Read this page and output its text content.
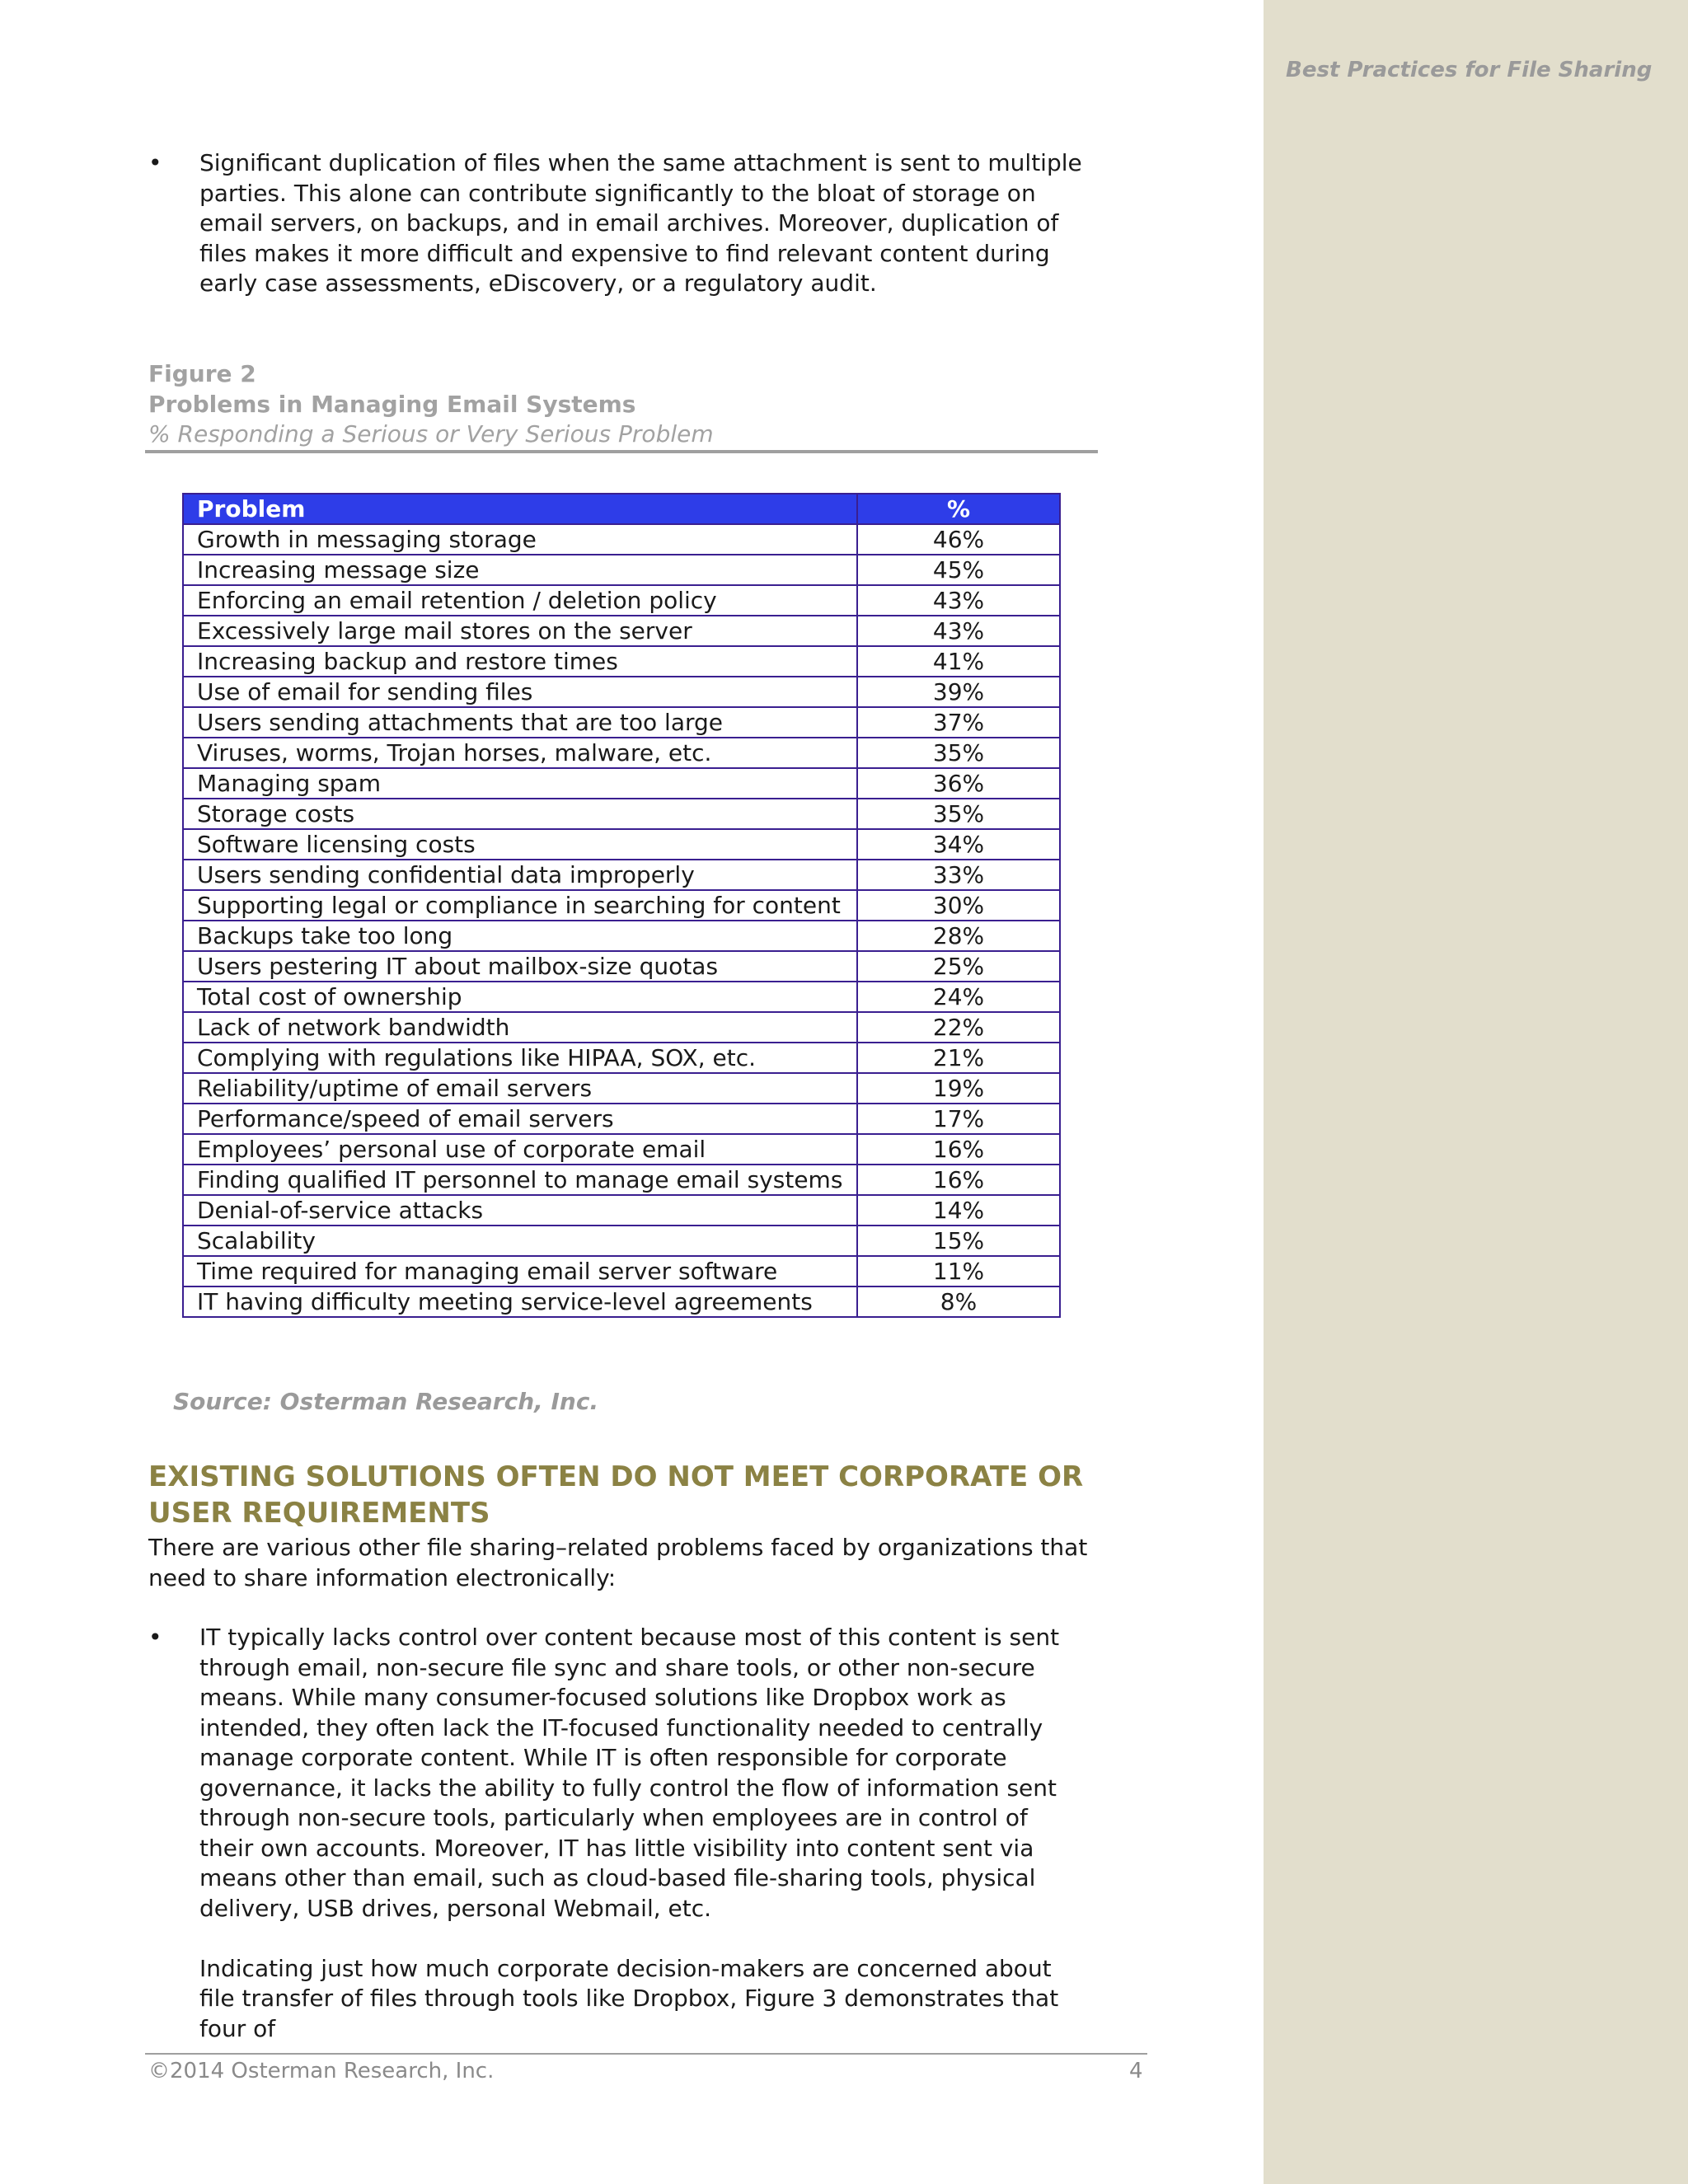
Best Practices for File Sharing
• Significant duplication of files when the same attachment is sent to multiple parties. This alone can contribute significantly to the bloat of storage on email servers, on backups, and in email archives. Moreover, duplication of files makes it more difficult and expensive to find relevant content during early case assessments, eDiscovery, or a regulatory audit.
Figure 2
Problems in Managing Email Systems
% Responding a Serious or Very Serious Problem
Problem	%
Growth in messaging storage	46%
Increasing message size	45%
Enforcing an email retention / deletion policy	43%
Excessively large mail stores on the server	43%
Increasing backup and restore times	41%
Use of email for sending files	39%
Users sending attachments that are too large	37%
Viruses, worms, Trojan horses, malware, etc.	35%
Managing spam	36%
Storage costs	35%
Software licensing costs	34%
Users sending confidential data improperly	33%
Supporting legal or compliance in searching for content	30%
Backups take too long	28%
Users pestering IT about mailbox-size quotas	25%
Total cost of ownership	24%
Lack of network bandwidth	22%
Complying with regulations like HIPAA, SOX, etc.	21%
Reliability/uptime of email servers	19%
Performance/speed of email servers	17%
Employees’ personal use of corporate email	16%
Finding qualified IT personnel to manage email systems	16%
Denial-of-service attacks	14%
Scalability	15%
Time required for managing email server software	11%
IT having difficulty meeting service-level agreements	8%
Source: Osterman Research, Inc.
EXISTING SOLUTIONS OFTEN DO NOT MEET CORPORATE OR USER REQUIREMENTS
There are various other file sharing–related problems faced by organizations that need to share information electronically:
• IT typically lacks control over content because most of this content is sent through email, non-secure file sync and share tools, or other non-secure means. While many consumer-focused solutions like Dropbox work as intended, they often lack the IT-focused functionality needed to centrally manage corporate content. While IT is often responsible for corporate governance, it lacks the ability to fully control the flow of information sent through non-secure tools, particularly when employees are in control of their own accounts. Moreover, IT has little visibility into content sent via means other than email, such as cloud-based file-sharing tools, physical delivery, USB drives, personal Webmail, etc.

Indicating just how much corporate decision-makers are concerned about file transfer of files through tools like Dropbox, Figure 3 demonstrates that four of

©2014 Osterman Research, Inc.	4
